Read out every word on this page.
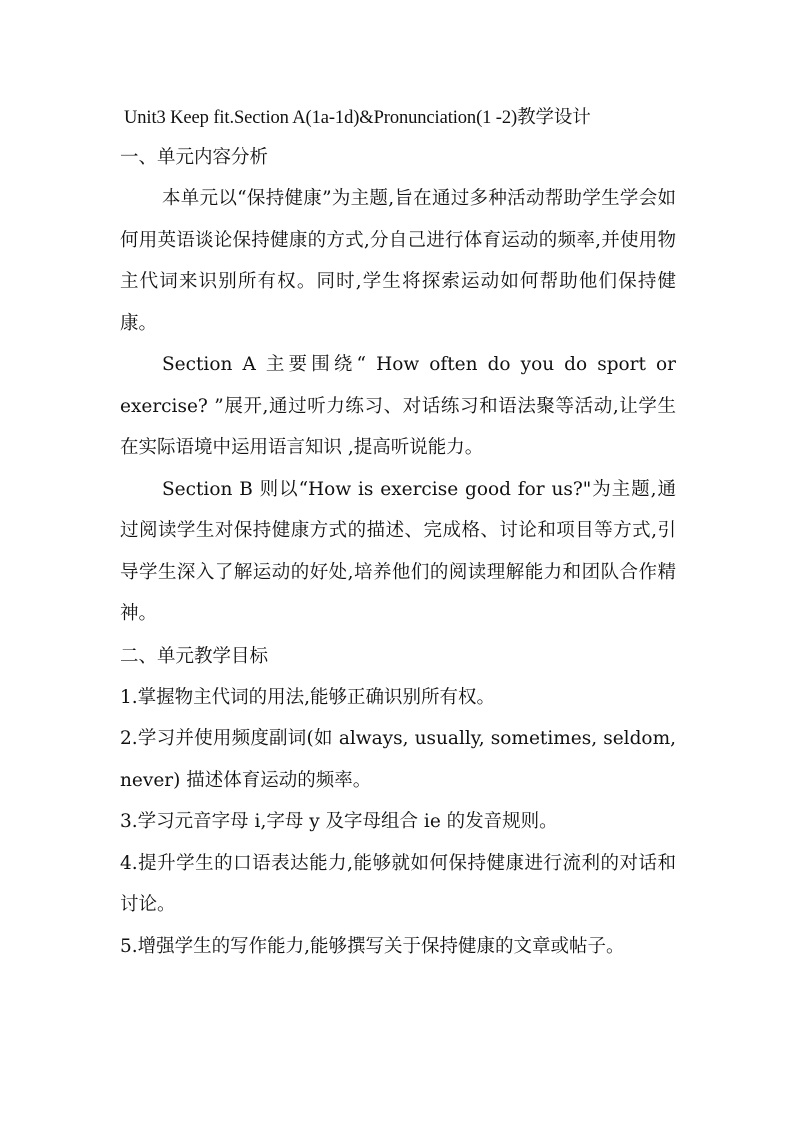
Unit3 Keep fit.Section A(1a-1d)&Pronunciation(1 -2)教学设计
一、单元内容分析

本单元以“保持健康”为主题,旨在通过多种活动帮助学生学会如何用英语谈论保持健康的方式,分自己进行体育运动的频率,并使用物主代词来识别所有权。同时,学生将探索运动如何帮助他们保持健康。

Section A 主要围绕“ How often do you do sport or exercise? ”展开,通过听力练习、对话练习和语法聚等活动,让学生在实际语境中运用语言知识 ,提高听说能力。

Section B 则以“How is exercise good for us?"为主题,通过阅读学生对保持健康方式的描述、完成格、讨论和项目等方式,引导学生深入了解运动的好处,培养他们的阅读理解能力和团队合作精神。

二、单元教学目标

1.掌握物主代词的用法,能够正确识别所有权。

2.学习并使用频度副词(如 always, usually, sometimes, seldom, never) 描述体育运动的频率。

3.学习元音字母 i,字母 y 及字母组合 ie 的发音规则。

4.提升学生的口语表达能力,能够就如何保持健康进行流利的对话和讨论。

5.增强学生的写作能力,能够撰写关于保持健康的文章或帖子。
